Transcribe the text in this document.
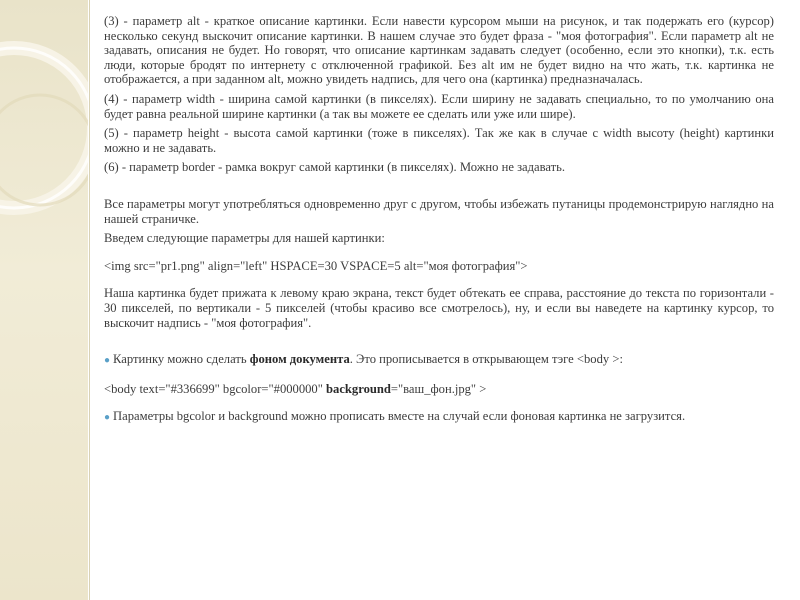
(3) - параметр alt - краткое описание картинки. Если навести курсором мыши на рисунок, и так подержать его (курсор) несколько секунд выскочит описание картинки. В нашем случае это будет фраза - "моя фотография". Если параметр alt не задавать, описания не будет. Но говорят, что описание картинкам задавать следует (особенно, если это кнопки), т.к. есть люди, которые бродят по интернету с отключенной графикой. Без alt им не будет видно на что жать, т.к. картинка не отображается, а при заданном alt, можно увидеть надпись, для чего она (картинка) предназначалась.

(4) - параметр width - ширина самой картинки (в пикселях). Если ширину не задавать специально, то по умолчанию она будет равна реальной ширине картинки (а так вы можете ее сделать или уже или шире).

(5) - параметр height - высота самой картинки (тоже в пикселях). Так же как в случае с width высоту (height) картинки можно и не задавать.

(6) - параметр border - рамка вокруг самой картинки (в пикселях). Можно не задавать.

Все параметры могут употребляться одновременно друг с другом, чтобы избежать путаницы продемонстрирую наглядно на нашей страничке.

Введем следующие параметры для нашей картинки:

<img src="pr1.png" align="left" HSPACE=30 VSPACE=5 alt="моя фотография">

Наша картинка будет прижата к левому краю экрана, текст будет обтекать ее справа, расстояние до текста по горизонтали - 30 пикселей, по вертикали - 5 пикселей (чтобы красиво все смотрелось), ну, и если вы наведете на картинку курсор, то выскочит надпись - "моя фотография".

● Картинку можно сделать фоном документа. Это прописывается в открывающем тэге <body >:

<body text="#336699" bgcolor="#000000" background="ваш_фон.jpg" >

● Параметры bgcolor и background можно прописать вместе на случай если фоновая картинка не загрузится.
